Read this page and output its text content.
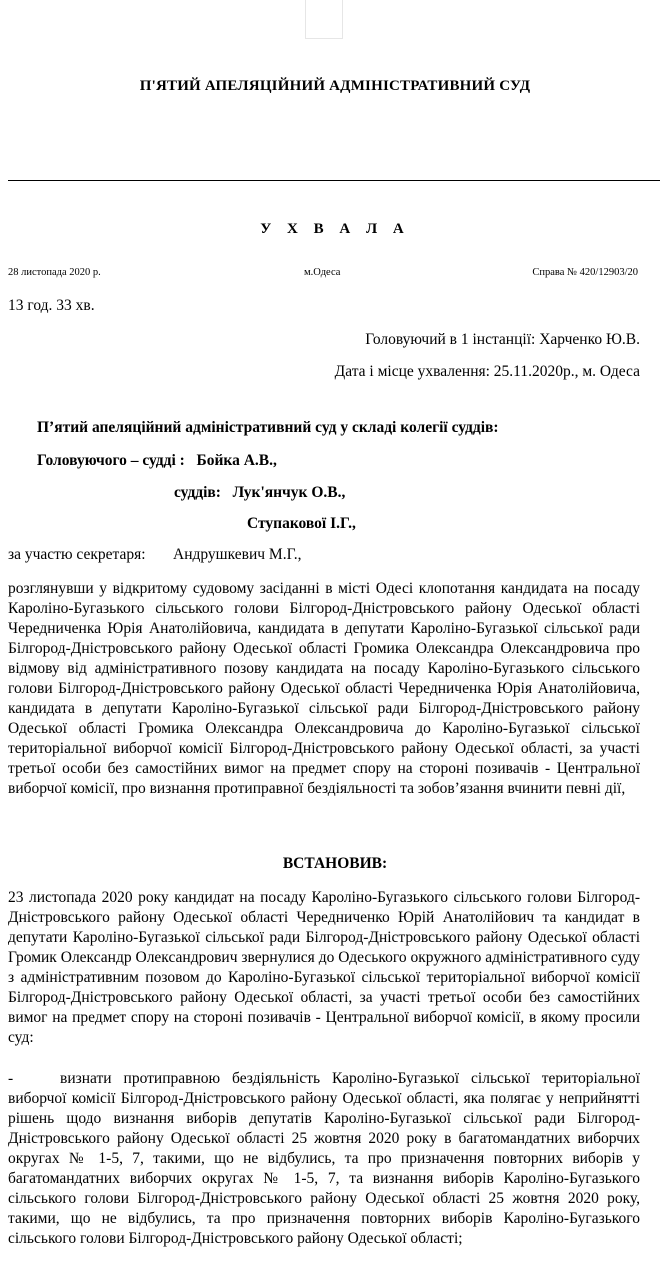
П'ЯТИЙ АПЕЛЯЦІЙНИЙ АДМІНІСТРАТИВНИЙ СУД
У Х В А Л А
28 листопада 2020 р.	м.Одеса	Справа № 420/12903/20
13 год. 33 хв.
Головуючий в 1 інстанції: Харченко Ю.В.
Дата і місце ухвалення: 25.11.2020р., м. Одеса
П’ятий апеляційний адміністративний суд у складі колегії суддів:
Головуючого – судді :   Бойка А.В.,
суддів:   Лук'янчук О.В.,
Ступакової І.Г.,
за участю секретаря: Андрушкевич М.Г.,
розглянувши у відкритому судовому засіданні в місті Одесі клопотання кандидата на посаду Кароліно-Бугазького сільського голови Білгород-Дністровського району Одеської області Чередниченка Юрія Анатолійовича, кандидата в депутати Кароліно-Бугазької сільської ради Білгород-Дністровського району Одеської області Громика Олександра Олександровича про відмову від адміністративного позову кандидата на посаду Кароліно-Бугазького сільського голови Білгород-Дністровського району Одеської області Чередниченка Юрія Анатолійовича, кандидата в депутати Кароліно-Бугазької сільської ради Білгород-Дністровського району Одеської області Громика Олександра Олександровича до Кароліно-Бугазької сільської територіальної виборчої комісії Білгород-Дністровського району Одеської області, за участі третьої особи без самостійних вимог на предмет спору на стороні позивачів - Центральної виборчої комісії, про визнання протиправної бездіяльності та зобов’язання вчинити певні дії,
ВСТАНОВИВ:
23 листопада 2020 року кандидат на посаду Кароліно-Бугазького сільського голови Білгород-Дністровського району Одеської області Чередниченко Юрій Анатолійович та кандидат в депутати Кароліно-Бугазької сільської ради Білгород-Дністровського району Одеської області Громик Олександр Олександрович звернулися до Одеського окружного адміністративного суду з адміністративним позовом до Кароліно-Бугазької сільської територіальної виборчої комісії Білгород-Дністровського району Одеської області, за участі третьої особи без самостійних вимог на предмет спору на стороні позивачів - Центральної виборчої комісії, в якому просили суд:
-	визнати протиправною бездіяльність Кароліно-Бугазької сільської територіальної виборчої комісії Білгород-Дністровського району Одеської області, яка полягає у неприйнятті рішень щодо визнання виборів депутатів Кароліно-Бугазької сільської ради Білгород-Дністровського району Одеської області 25 жовтня 2020 року в багатомандатних виборчих округах № 1-5, 7, такими, що не відбулись, та про призначення повторних виборів у багатомандатних виборчих округах № 1-5, 7, та визнання виборів Кароліно-Бугазького сільського голови Білгород-Дністровського району Одеської області 25 жовтня 2020 року, такими, що не відбулись, та про призначення повторних виборів Кароліно-Бугазького сільського голови Білгород-Дністровського району Одеської області;
